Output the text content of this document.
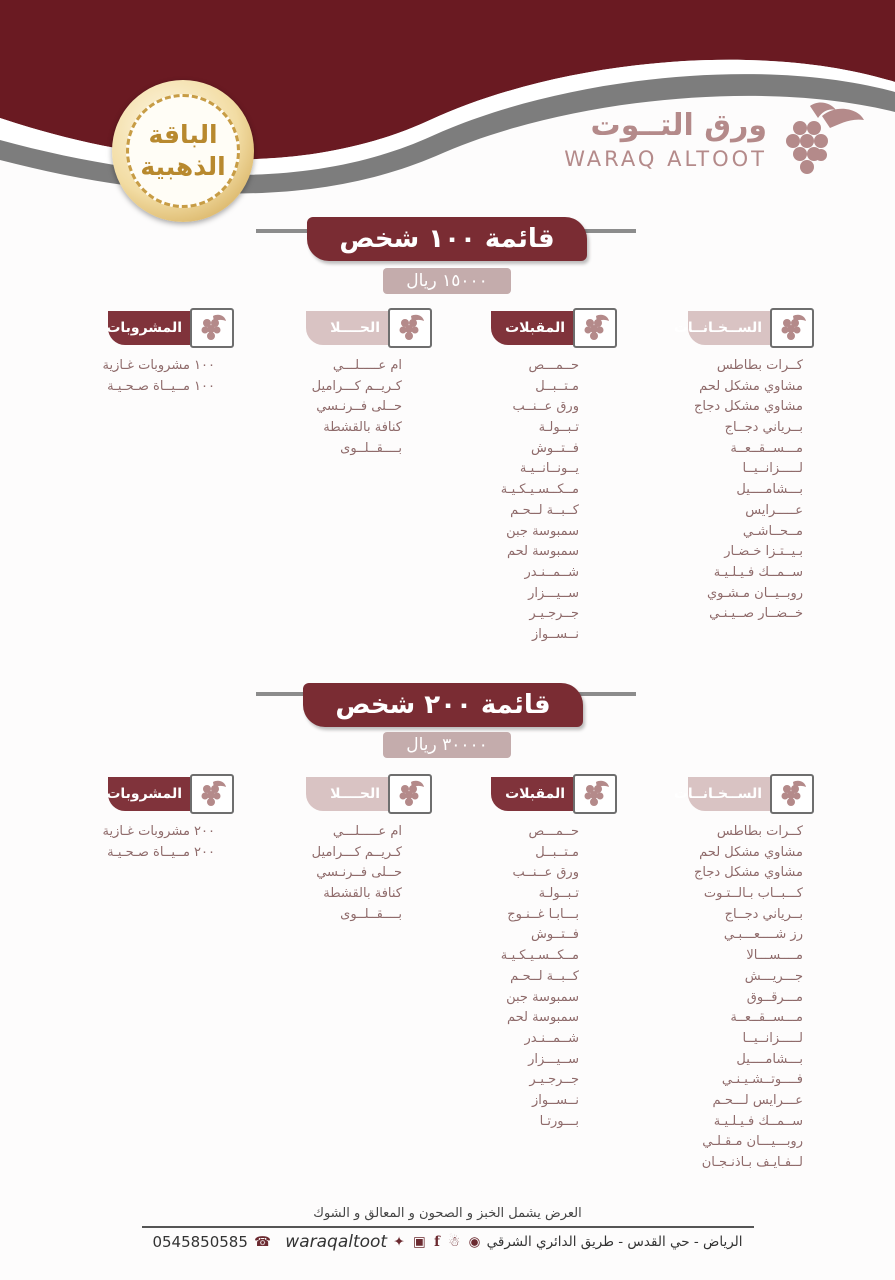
الباقة
الذهبية
ورق التــوت
WARAQ ALTOOT
قائمة ١٠٠ شخص
١٥٠٠٠ ريال
الســخـانــات
المقبلات
الحــــلا
المشروبات
كــرات بطاطس
مشاوي مشكل لحم
مشاوي مشكل دجاج
بــرياني دجــاج
مـــســقــعــة
لـــــزانــيــا
بـــشامــــيل
عـــــرايس
مــحــاشـي
بـيــتـزا خـضـار
ســمــك فـيـلـيـة
روبــيــان مـشـوي
خــضــار صــيـنـي
حــمـــص
مـتــبــل
ورق عــنــب
تـبــولـة
فــتــوش
يــونــانــيـة
مــكــسـيـكـيـة
كــبــة لــحـم
سمبوسة جبن
سمبوسة لحم
شــمــنـدر
ســيـــزار
جــرجـيـر
نــســواز
ام عـــــلـــي
كـريــم كـــراميل
حــلى فــرنـسي
كنافة بالقشطة
بــــقــلــوى
١٠٠ مشروبات غـازية
١٠٠ مــيــاة صـحـيـة
قائمة ٢٠٠ شخص
٣٠٠٠٠ ريال
الســخـانــات
المقبلات
الحــــلا
المشروبات
كــرات بطاطس
مشاوي مشكل لحم
مشاوي مشكل دجاج
كـــبــاب بـالــتـوت
بــرياني دجــاج
رز شــــعـــبـي
مــــســـالا
جـــريـــش
مـــرقــوق
مـــســقــعــة
لـــــزانــيــا
بـــشامــــيل
فــــوتــشـيـنـي
عـــرايس لـــحـم
ســمــك فـيـلـيـة
روبـــيـــان مـقـلـي
لــفـايـف بـاذنـجـان
حــمـــص
مـتــبــل
ورق عــنــب
تـبــولـة
بـــابـا غــنـوج
فــتــوش
مــكــسـيـكـيـة
كــبــة لــحـم
سمبوسة جبن
سمبوسة لحم
شــمــنـدر
ســيـــزار
جــرجـيـر
نــســواز
بـــورتـا
ام عـــــلـــي
كـريــم كـــراميل
حــلى فــرنـسي
كنافة بالقشطة
بــــقــلــوى
٢٠٠ مشروبات غـازية
٢٠٠ مــيــاة صـحـيـة
العرض يشمل الخبز و الصحون و المعالق و الشوك
الرياض - حي القدس - طريق الدائري الشرقي ◉ ☃ f ▣ ✦ waraqaltoot ☎ 0545850585
